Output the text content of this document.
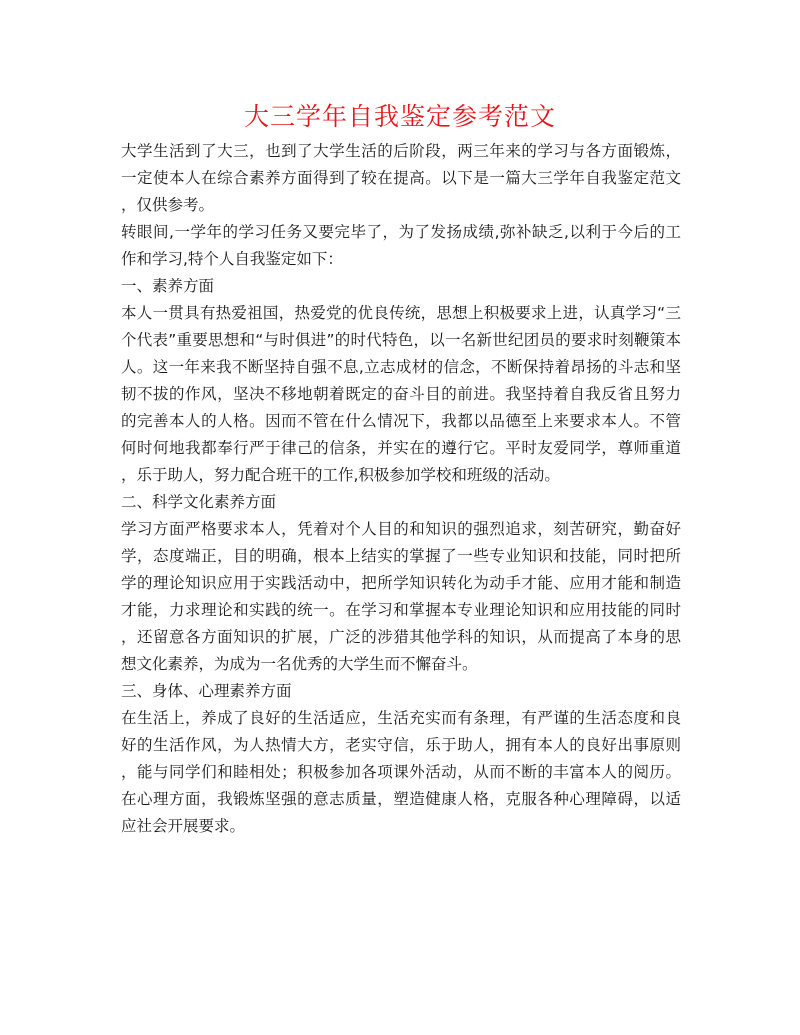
大三学年自我鉴定参考范文
大学生活到了大三，也到了大学生活的后阶段，两三年来的学习与各方面锻炼，
一定使本人在综合素养方面得到了较在提高。以下是一篇大三学年自我鉴定范文
，仅供参考。
转眼间,一学年的学习任务又要完毕了，为了发扬成绩,弥补缺乏,以利于今后的工
作和学习,特个人自我鉴定如下：
一、素养方面
本人一贯具有热爱祖国，热爱党的优良传统，思想上积极要求上进，认真学习“三
个代表”重要思想和“与时俱进”的时代特色，以一名新世纪团员的要求时刻鞭策本
人。这一年来我不断坚持自强不息,立志成材的信念，不断保持着昂扬的斗志和坚
韧不拔的作风，坚决不移地朝着既定的奋斗目的前进。我坚持着自我反省且努力
的完善本人的人格。因而不管在什么情况下，我都以品德至上来要求本人。不管
何时何地我都奉行严于律己的信条，并实在的遵行它。平时友爱同学，尊师重道
，乐于助人，努力配合班干的工作,积极参加学校和班级的活动。
二、科学文化素养方面
学习方面严格要求本人，凭着对个人目的和知识的强烈追求，刻苦研究，勤奋好
学，态度端正，目的明确，根本上结实的掌握了一些专业知识和技能，同时把所
学的理论知识应用于实践活动中，把所学知识转化为动手才能、应用才能和制造
才能，力求理论和实践的统一。在学习和掌握本专业理论知识和应用技能的同时
，还留意各方面知识的扩展，广泛的涉猎其他学科的知识，从而提高了本身的思
想文化素养，为成为一名优秀的大学生而不懈奋斗。
三、身体、心理素养方面
在生活上，养成了良好的生活适应，生活充实而有条理，有严谨的生活态度和良
好的生活作风，为人热情大方，老实守信，乐于助人，拥有本人的良好出事原则
，能与同学们和睦相处；积极参加各项课外活动，从而不断的丰富本人的阅历。
在心理方面，我锻炼坚强的意志质量，塑造健康人格，克服各种心理障碍，以适
应社会开展要求。
